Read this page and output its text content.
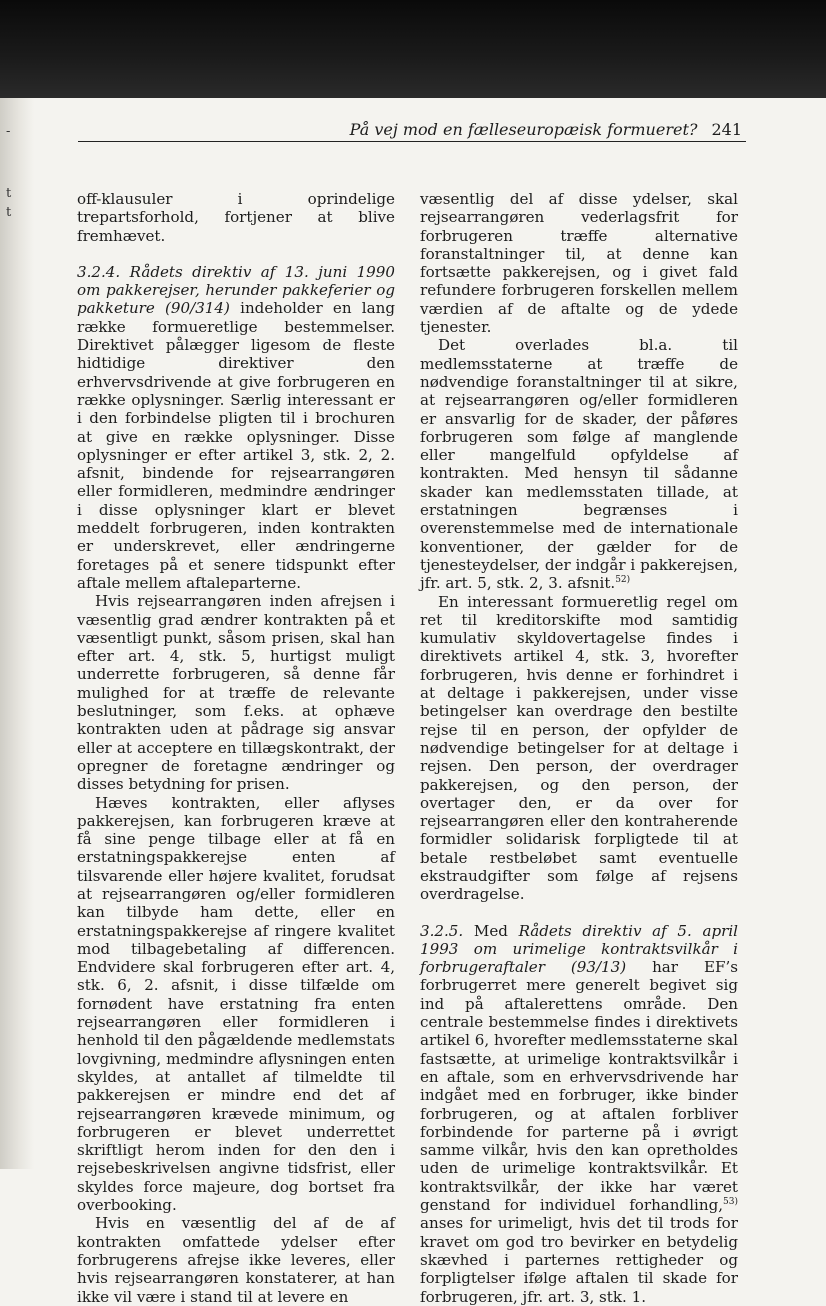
t
t
-	På vej mod en fælleseuropæisk formueret? 241

off-klausuler i oprindelige trepartsforhold, fortjener at blive fremhævet.

3.2.4. Rådets direktiv af 13. juni 1990 om pakkerejser, herunder pakkeferier og pakketure (90/314) indeholder en lang række formueretlige bestemmelser. Direktivet pålægger ligesom de fleste hidtidige direktiver den erhvervsdrivende at give forbrugeren en række oplysninger. Særlig interessant er i den forbindelse pligten til i brochuren at give en række oplysninger. Disse oplysninger er efter artikel 3, stk. 2, 2. afsnit, bindende for rejsearrangøren eller formidleren, medmindre ændringer i disse oplysninger klart er blevet meddelt forbrugeren, inden kontrakten er underskrevet, eller ændringerne foretages på et senere tidspunkt efter aftale mellem aftaleparterne.

Hvis rejsearrangøren inden afrejsen i væsentlig grad ændrer kontrakten på et væsentligt punkt, såsom prisen, skal han efter art. 4, stk. 5, hurtigst muligt underrette forbrugeren, så denne får mulighed for at træffe de relevante beslutninger, som f.eks. at ophæve kontrakten uden at pådrage sig ansvar eller at acceptere en tillægskontrakt, der opregner de foretagne ændringer og disses betydning for prisen.

Hæves kontrakten, eller aflyses pakkerejsen, kan forbrugeren kræve at få sine penge tilbage eller at få en erstatningspakkerejse enten af tilsvarende eller højere kvalitet, forudsat at rejsearrangøren og/eller formidleren kan tilbyde ham dette, eller en erstatningspakkerejse af ringere kvalitet mod tilbagebetaling af differencen. Endvidere skal forbrugeren efter art. 4, stk. 6, 2. afsnit, i disse tilfælde om fornødent have erstatning fra enten rejsearrangøren eller formidleren i henhold til den pågældende medlemstats lovgivning, medmindre aflysningen enten skyldes, at antallet af tilmeldte til pakkerejsen er mindre end det af rejsearrangøren krævede minimum, og forbrugeren er blevet underrettet skriftligt herom inden for den den i rejsebeskrivelsen angivne tidsfrist, eller skyldes force majeure, dog bortset fra overbooking.

Hvis en væsentlig del af de af kontrakten omfattede ydelser efter forbrugerens afrejse ikke leveres, eller hvis rejsearrangøren konstaterer, at han ikke vil være i stand til at levere en

væsentlig del af disse ydelser, skal rejsearrangøren vederlagsfrit for forbrugeren træffe alternative foranstaltninger til, at denne kan fortsætte pakkerejsen, og i givet fald refundere forbrugeren forskellen mellem værdien af de aftalte og de ydede tjenester.

Det overlades bl.a. til medlemsstaterne at træffe de nødvendige foranstaltninger til at sikre, at rejsearrangøren og/eller formidleren er ansvarlig for de skader, der påføres forbrugeren som følge af manglende eller mangelfuld opfyldelse af kontrakten. Med hensyn til sådanne skader kan medlemsstaten tillade, at erstatningen begrænses i overenstemmelse med de internationale konventioner, der gælder for de tjenesteydelser, der indgår i pakkerejsen, jfr. art. 5, stk. 2, 3. afsnit.$^{52)}$

En interessant formueretlig regel om ret til kreditorskifte mod samtidig kumulativ skyldovertagelse findes i direktivets artikel 4, stk. 3, hvorefter forbrugeren, hvis denne er forhindret i at deltage i pakkerejsen, under visse betingelser kan overdrage den bestilte rejse til en person, der opfylder de nødvendige betingelser for at deltage i rejsen. Den person, der overdrager pakkerejsen, og den person, der overtager den, er da over for rejsearrangøren eller den kontraherende formidler solidarisk forpligtede til at betale restbeløbet samt eventuelle ekstraudgifter som følge af rejsens overdragelse.

3.2.5. Med Rådets direktiv af 5. april 1993 om urimelige kontraktsvilkår i forbrugeraftaler (93/13) har EF’s forbrugerret mere generelt begivet sig ind på aftalerettens område. Den centrale bestemmelse findes i direktivets artikel 6, hvorefter medlemsstaterne skal fastsætte, at urimelige kontraktsvilkår i en aftale, som en erhvervsdrivende har indgået med en forbruger, ikke binder forbrugeren, og at aftalen forbliver forbindende for parterne på i øvrigt samme vilkår, hvis den kan opretholdes uden de urimelige kontraktsvilkår. Et kontraktsvilkår, der ikke har været genstand for individuel forhandling,$^{53)}$ anses for urimeligt, hvis det til trods for kravet om god tro bevirker en betydelig skævhed i parternes rettigheder og forpligtelser ifølge aftalen til skade for forbrugeren, jfr. art. 3, stk. 1.
